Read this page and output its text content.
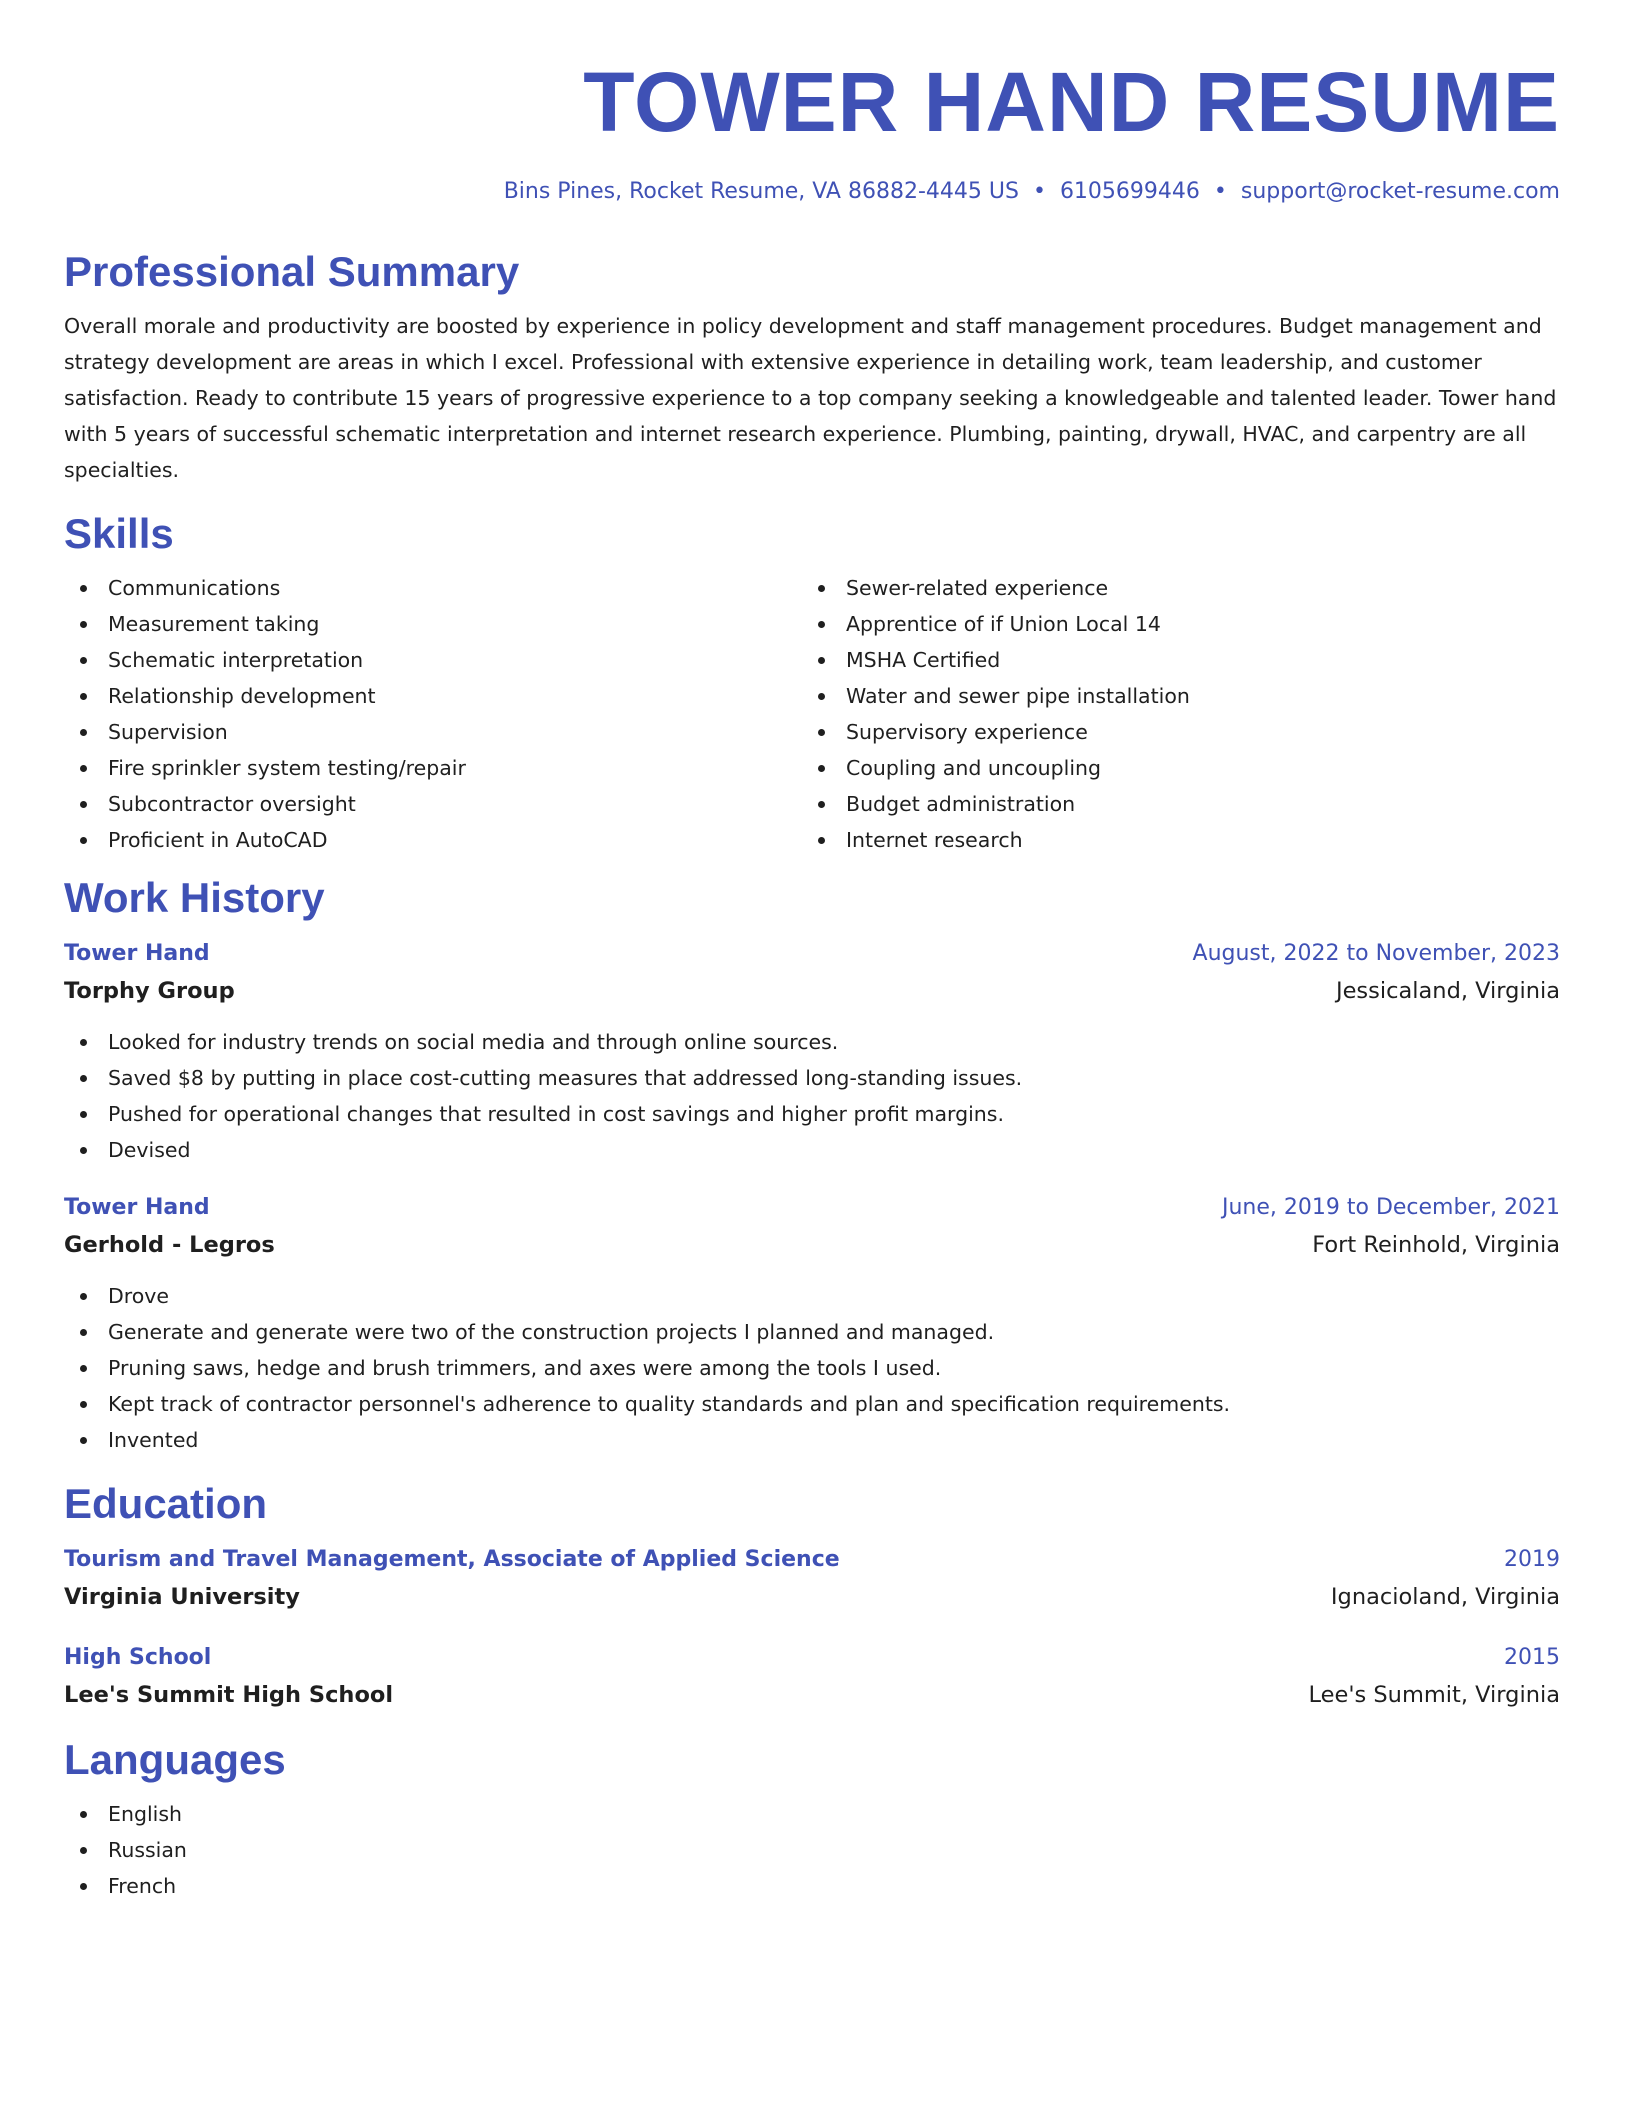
TOWER HAND RESUME
Bins Pines, Rocket Resume, VA 86882-4445 US • 6105699446 • support@rocket-resume.com
Professional Summary

Overall morale and productivity are boosted by experience in policy development and staff management procedures. Budget management and strategy development are areas in which I excel. Professional with extensive experience in detailing work, team leadership, and customer satisfaction. Ready to contribute 15 years of progressive experience to a top company seeking a knowledgeable and talented leader. Tower hand with 5 years of successful schematic interpretation and internet research experience. Plumbing, painting, drywall, HVAC, and carpentry are all specialties.

Skills
Communications
Measurement taking
Schematic interpretation
Relationship development
Supervision
Fire sprinkler system testing/repair
Subcontractor oversight
Proficient in AutoCAD
Sewer-related experience
Apprentice of if Union Local 14
MSHA Certified
Water and sewer pipe installation
Supervisory experience
Coupling and uncoupling
Budget administration
Internet research
Work History
Tower Hand	August, 2022 to November, 2023
Torphy Group	Jessicaland, Virginia
Looked for industry trends on social media and through online sources.
Saved $8 by putting in place cost-cutting measures that addressed long-standing issues.
Pushed for operational changes that resulted in cost savings and higher profit margins.
Devised
Tower Hand	June, 2019 to December, 2021
Gerhold - Legros	Fort Reinhold, Virginia
Drove
Generate and generate were two of the construction projects I planned and managed.
Pruning saws, hedge and brush trimmers, and axes were among the tools I used.
Kept track of contractor personnel's adherence to quality standards and plan and specification requirements.
Invented
Education
Tourism and Travel Management, Associate of Applied Science	2019
Virginia University	Ignacioland, Virginia
High School	2015
Lee's Summit High School	Lee's Summit, Virginia
Languages
English
Russian
French
